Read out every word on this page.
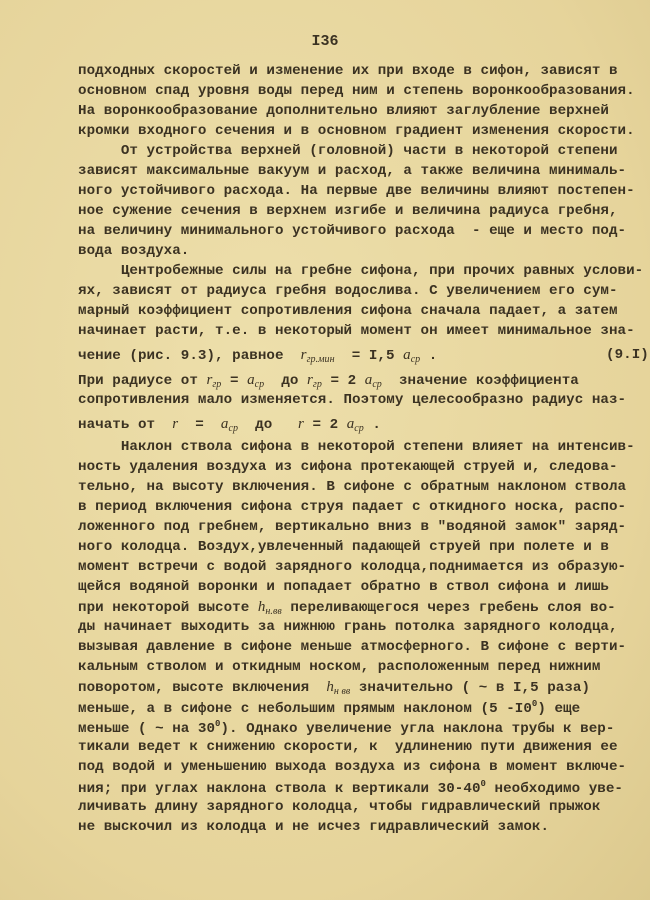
I36
подходных скоростей и изменение их при входе в сифон, зависят в
основном спад уровня воды перед ним и степень воронкообразования.
На воронкообразование дополнительно влияют заглубление верхней
кромки входного сечения и в основном градиент изменения скорости.
От устройства верхней (головной) части в некоторой степени
зависят максимальные вакуум и расход, а также величина минималь-
ного устойчивого расхода. На первые две величины влияют постепен-
ное сужение сечения в верхнем изгибе и величина радиуса гребня,
на величину минимального устойчивого расхода  - еще и место под-
вода воздуха.
Центробежные силы на гребне сифона, при прочих равных услови-
ях, зависят от радиуса гребня водослива. С увеличением его сум-
марный коэффициент сопротивления сифона сначала падает, а затем
начинает расти, т.е. в некоторый момент он имеет минимальное зна-
чение (рис. 9.3), равное  $r_{гр.мин} = I,5$ $a_{ср}$ .	(9.I)
При радиусе от $r_{гр} = a_{ср}$  до $r_{гр} = 2$ $a_{ср}$  значение коэффициента
сопротивления мало изменяется. Поэтому целесообразно радиус наз-
начать от  $r = a_{ср}$  до   r = 2 $a_{ср}$ .
Наклон ствола сифона в некоторой степени влияет на интенсив-
ность удаления воздуха из сифона протекающей струей и, следова-
тельно, на высоту включения. В сифоне с обратным наклоном ствола
в период включения сифона струя падает с откидного носка, распо-
ложенного под гребнем, вертикально вниз в "водяной замок" заряд-
ного колодца. Воздух,увлеченный падающей струей при полете и в
момент встречи с водой зарядного колодца,поднимается из образую-
щейся водяной воронки и попадает обратно в ствол сифона и лишь
при некоторой высоте $h_{н.вв}$ переливающегося через гребень слоя во-
ды начинает выходить за нижнюю грань потолка зарядного колодца,
вызывая давление в сифоне меньше атмосферного. В сифоне с верти-
кальным стволом и откидным носком, расположенным перед нижним
поворотом, высоте включения  $h_{н вв}$ значительно ( ~ в I,5 раза)
меньше, а в сифоне с небольшим прямым наклоном (5 $-I0^0$) еще
меньше ( ~ на $30^0$). Однако увеличение угла наклона трубы к вер-
тикали ведет к снижению скорости, к  удлинению пути движения ее
под водой и уменьшению выхода воздуха из сифона в момент включе-
ния; при углах наклона ствола к вертикали $30-40^0$ необходимо уве-
личивать длину зарядного колодца, чтобы гидравлический прыжок
не выскочил из колодца и не исчез гидравлический замок.
